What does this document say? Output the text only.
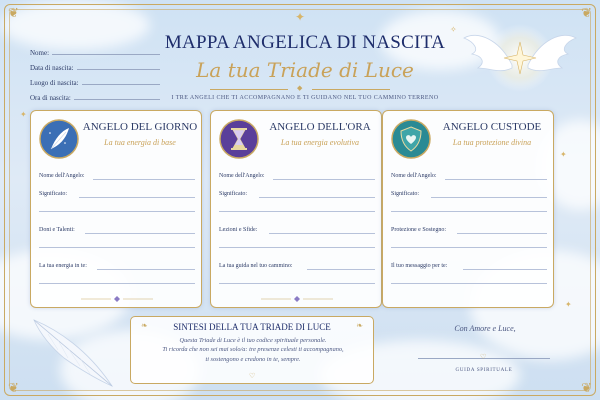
❦	❦
❦	❦
✦
Nome:
Data di nascita:
Luogo di nascita:
Ora di nascita:
MAPPA ANGELICA DI NASCITA
La tua Triade di Luce
◆
I TRE ANGELI CHE TI ACCOMPAGNANO E TI GUIDANO NEL TUO CAMMINO TERRENO
ANGELO DEL GIORNO
La tua energia di base
Nome dell'Angelo:
Significato:
Doni e Talenti:
La tua energia in te:
ANGELO DELL'ORA
La tua energia evolutiva
Nome dell'Angelo:
Significato:
Lezioni e Sfide:
La tua guida nel tuo cammino:
ANGELO CUSTODE
La tua protezione divina
Nome dell'Angelo:
Significato:
Protezione e Sostegno:
Il tuo messaggio per te:
❧	SINTESI DELLA TUA TRIADE DI LUCE	❧
Questa Triade di Luce è il tuo codice spirituale personale.
Ti ricorda che non sei mai solo/a: tre presenze celesti ti accompagnano,
ti sostengono e credono in te, sempre.
♡
Con Amore e Luce,
♡
GUIDA SPIRITUALE
✦
✦
✦
✧
